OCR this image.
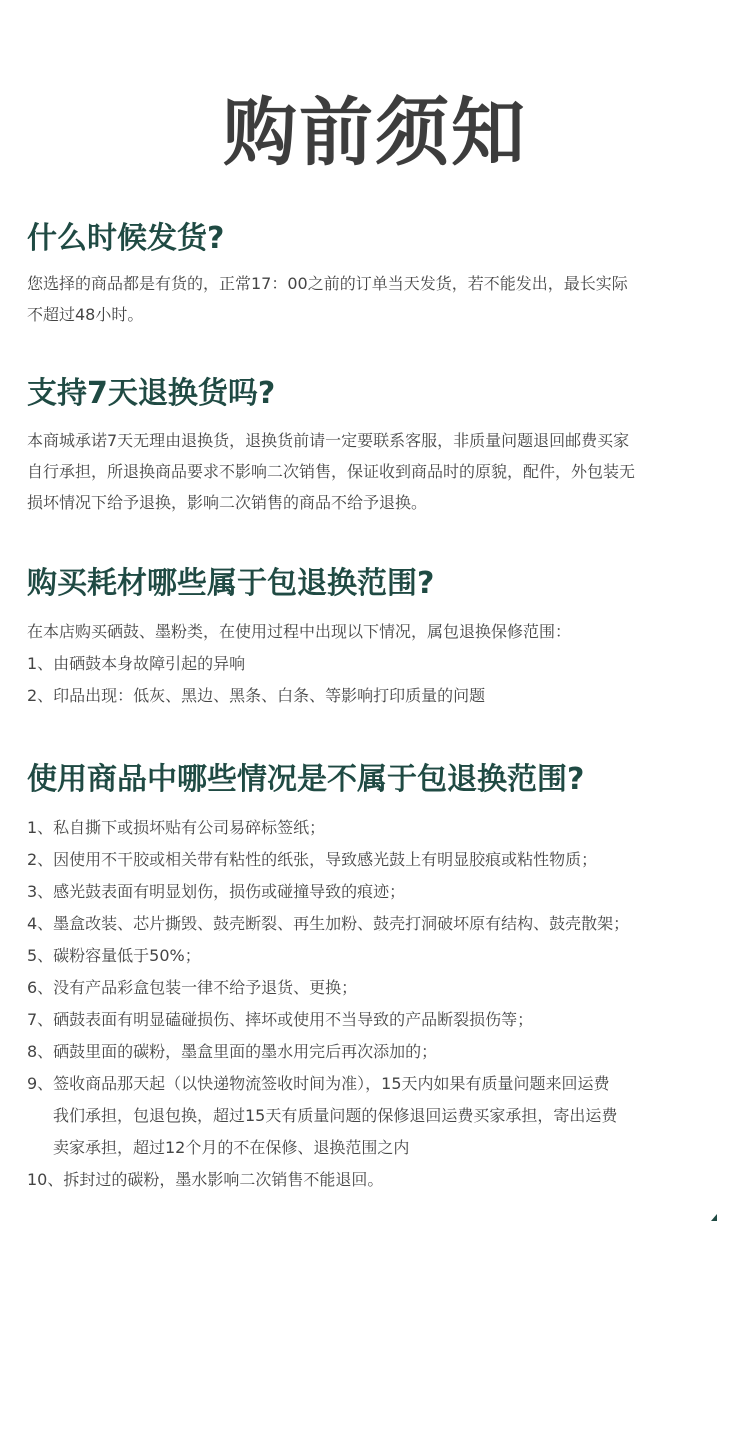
购前须知
什么时候发货?
您选择的商品都是有货的，正常17：00之前的订单当天发货，若不能发出，最长实际
不超过48小时。
支持7天退换货吗?
本商城承诺7天无理由退换货，退换货前请一定要联系客服，非质量问题退回邮费买家
自行承担，所退换商品要求不影响二次销售，保证收到商品时的原貌，配件，外包装无
损坏情况下给予退换，影响二次销售的商品不给予退换。
购买耗材哪些属于包退换范围?
在本店购买硒鼓、墨粉类，在使用过程中出现以下情况，属包退换保修范围：
1、由硒鼓本身故障引起的异响
2、印品出现：低灰、黑边、黑条、白条、等影响打印质量的问题
使用商品中哪些情况是不属于包退换范围?
1、私自撕下或损坏贴有公司易碎标签纸；
2、因使用不干胶或相关带有粘性的纸张，导致感光鼓上有明显胶痕或粘性物质；
3、感光鼓表面有明显划伤，损伤或碰撞导致的痕迹；
4、墨盒改装、芯片撕毁、鼓壳断裂、再生加粉、鼓壳打洞破坏原有结构、鼓壳散架；
5、碳粉容量低于50%；
6、没有产品彩盒包装一律不给予退货、更换；
7、硒鼓表面有明显磕碰损伤、摔坏或使用不当导致的产品断裂损伤等；
8、硒鼓里面的碳粉，墨盒里面的墨水用完后再次添加的；
9、签收商品那天起（以快递物流签收时间为准），15天内如果有质量问题来回运费
我们承担，包退包换，超过15天有质量问题的保修退回运费买家承担，寄出运费
卖家承担，超过12个月的不在保修、退换范围之内
10、拆封过的碳粉，墨水影响二次销售不能退回。
